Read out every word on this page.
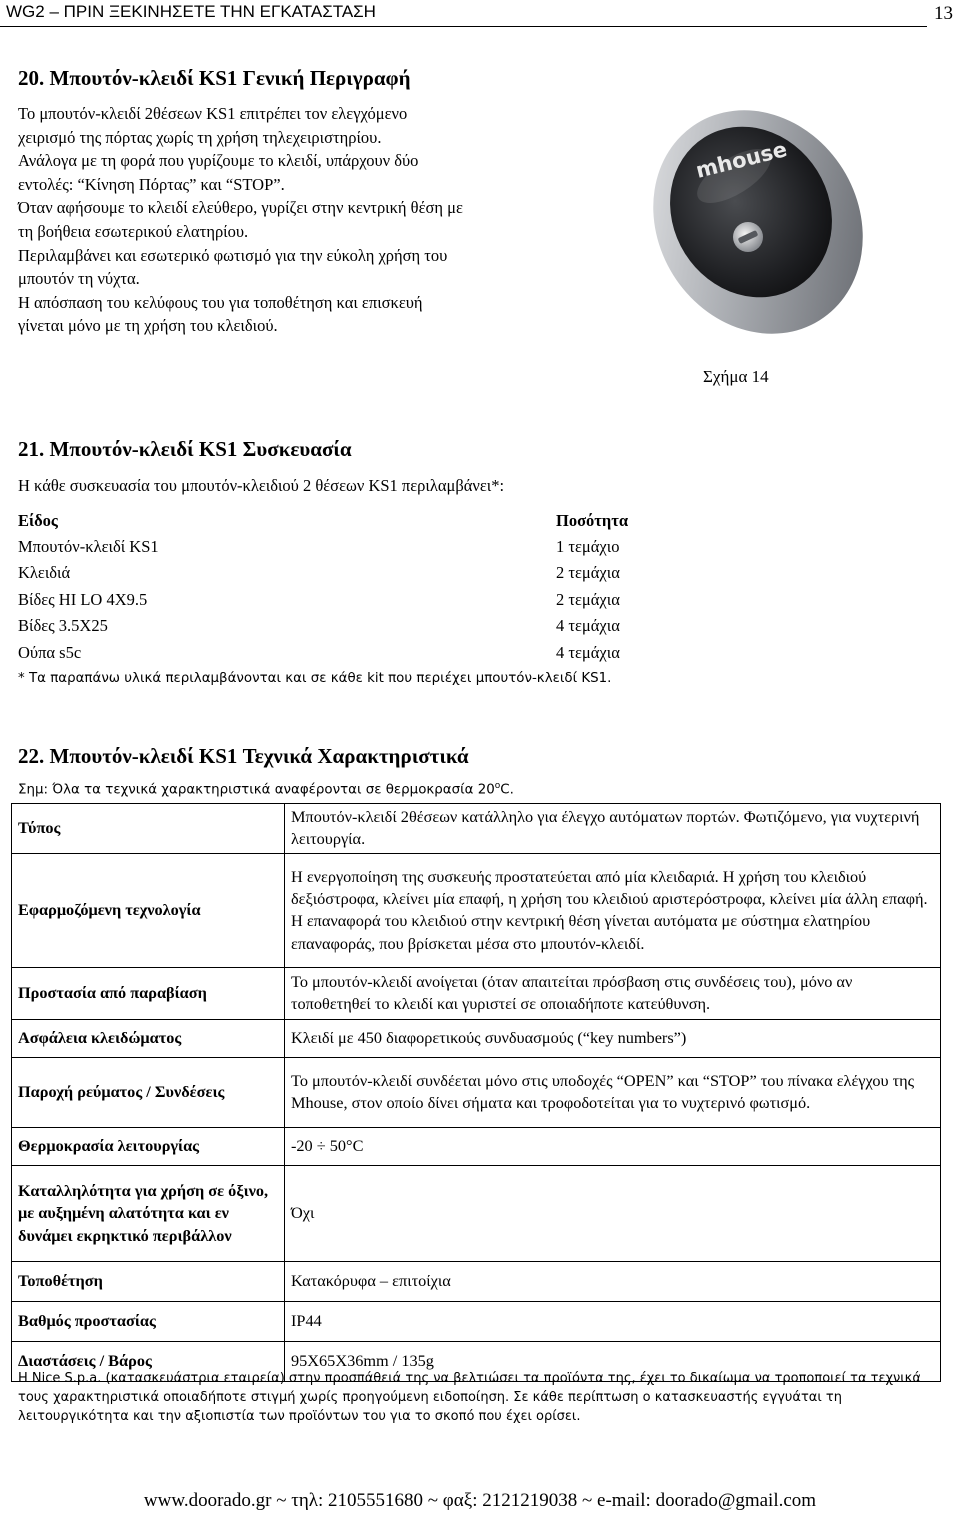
WG2 – ΠΡΙΝ ΞΕΚΙΝΗΣΕΤΕ ΤΗΝ ΕΓΚΑΤΑΣΤΑΣΗ	13
20. Μπουτόν-κλειδί KS1 Γενική Περιγραφή
Το μπουτόν-κλειδί 2θέσεων KS1 επιτρέπει τον ελεγχόμενο
χειρισμό της πόρτας χωρίς τη χρήση τηλεχειριστηρίου.
Ανάλογα με τη φορά που γυρίζουμε το κλειδί, υπάρχουν δύο
εντολές: “Κίνηση Πόρτας” και “STOP”.
Όταν αφήσουμε το κλειδί ελεύθερο, γυρίζει στην κεντρική θέση με
τη βοήθεια εσωτερικού ελατηρίου.
Περιλαμβάνει και εσωτερικό φωτισμό για την εύκολη χρήση του
μπουτόν τη νύχτα.
Η απόσπαση του κελύφους του για τοποθέτηση και επισκευή
γίνεται μόνο με τη χρήση του κλειδιού.
mhouse
Σχήμα 14
21. Μπουτόν-κλειδί KS1 Συσκευασία
Η κάθε συσκευασία του μπουτόν-κλειδιού 2 θέσεων KS1 περιλαμβάνει*:
Είδος	Ποσότητα
Μπουτόν-κλειδί KS1	1 τεμάχιο
Κλειδιά	2 τεμάχια
Βίδες HI LO 4X9.5	2 τεμάχια
Βίδες 3.5X25	4 τεμάχια
Ούπα s5c	4 τεμάχια
* Τα παραπάνω υλικά περιλαμβάνονται και σε κάθε kit που περιέχει μπουτόν-κλειδί KS1.
22. Μπουτόν-κλειδί KS1 Τεχνικά Χαρακτηριστικά
Σημ: Όλα τα τεχνικά χαρακτηριστικά αναφέρονται σε θερμοκρασία 20$^o$C.
Τύπος	Μπουτόν-κλειδί 2θέσεων κατάλληλο για έλεγχο αυτόματων πορτών. Φωτιζόμενο, για νυχτερινή λειτουργία.
Εφαρμοζόμενη τεχνολογία	Η ενεργοποίηση της συσκευής προστατεύεται από μία κλειδαριά. Η χρήση του κλειδιού δεξιόστροφα, κλείνει μία επαφή, η χρήση του κλειδιού αριστερόστροφα, κλείνει μία άλλη επαφή. Η επαναφορά του κλειδιού στην κεντρική θέση γίνεται αυτόματα με σύστημα ελατηρίου επαναφοράς, που βρίσκεται μέσα στο μπουτόν-κλειδί.
Προστασία από παραβίαση	Το μπουτόν-κλειδί ανοίγεται (όταν απαιτείται πρόσβαση στις συνδέσεις του), μόνο αν τοποθετηθεί το κλειδί και γυριστεί σε οποιαδήποτε κατεύθυνση.
Ασφάλεια κλειδώματος	Κλειδί με 450 διαφορετικούς συνδυασμούς (“key numbers”)
Παροχή ρεύματος / Συνδέσεις	Το μπουτόν-κλειδί συνδέεται μόνο στις υποδοχές “OPEN” και “STOP” του πίνακα ελέγχου της Mhouse, στον οποίο δίνει σήματα και τροφοδοτείται για το νυχτερινό φωτισμό.
Θερμοκρασία λειτουργίας	-20 ÷ 50°C
Καταλληλότητα για χρήση σε όξινο, με αυξημένη αλατότητα και εν δυνάμει εκρηκτικό περιβάλλον	Όχι
Τοποθέτηση	Κατακόρυφα – επιτοίχια
Βαθμός προστασίας	IP44
Διαστάσεις / Βάρος	95X65X36mm / 135g
Η Nice S.p.a. (κατασκευάστρια εταιρεία) στην προσπάθειά της να βελτιώσει τα προϊόντα της, έχει το δικαίωμα να τροποποιεί τα τεχνικά τους χαρακτηριστικά οποιαδήποτε στιγμή χωρίς προηγούμενη ειδοποίηση. Σε κάθε περίπτωση ο κατασκευαστής εγγυάται τη λειτουργικότητα και την αξιοπιστία των προϊόντων του για το σκοπό που έχει ορίσει.
www.doorado.gr ~ τηλ: 2105551680 ~ φαξ: 2121219038 ~ e-mail: doorado@gmail.com
